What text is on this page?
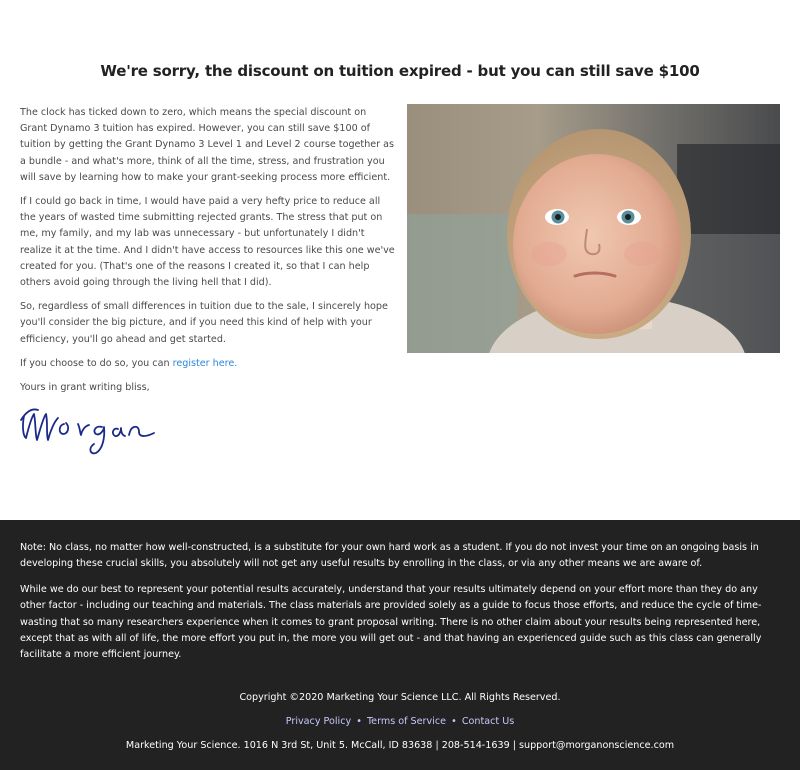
We're sorry, the discount on tuition expired - but you can still save $100

The clock has ticked down to zero, which means the special discount on Grant Dynamo 3 tuition has expired. However, you can still save $100 of tuition by getting the Grant Dynamo 3 Level 1 and Level 2 course together as a bundle - and what's more, think of all the time, stress, and frustration you will save by learning how to make your grant-seeking process more efficient.

If I could go back in time, I would have paid a very hefty price to reduce all the years of wasted time submitting rejected grants. The stress that put on me, my family, and my lab was unnecessary - but unfortunately I didn't realize it at the time. And I didn't have access to resources like this one we've created for you. (That's one of the reasons I created it, so that I can help others avoid going through the living hell that I did).

So, regardless of small differences in tuition due to the sale, I sincerely hope you'll consider the big picture, and if you need this kind of help with your efficiency, you'll go ahead and get started.

If you choose to do so, you can register here.

Yours in grant writing bliss,

Note: No class, no matter how well-constructed, is a substitute for your own hard work as a student. If you do not invest your time on an ongoing basis in developing these crucial skills, you absolutely will not get any useful results by enrolling in the class, or via any other means we are aware of.

While we do our best to represent your potential results accurately, understand that your results ultimately depend on your effort more than they do any other factor - including our teaching and materials. The class materials are provided solely as a guide to focus those efforts, and reduce the cycle of time-wasting that so many researchers experience when it comes to grant proposal writing. There is no other claim about your results being represented here, except that as with all of life, the more effort you put in, the more you will get out - and that having an experienced guide such as this class can generally facilitate a more efficient journey.

Copyright ©2020 Marketing Your Science LLC. All Rights Reserved.
Privacy Policy • Terms of Service • Contact Us
Marketing Your Science. 1016 N 3rd St, Unit 5. McCall, ID 83638 | 208-514-1639 | support@morganonscience.com
